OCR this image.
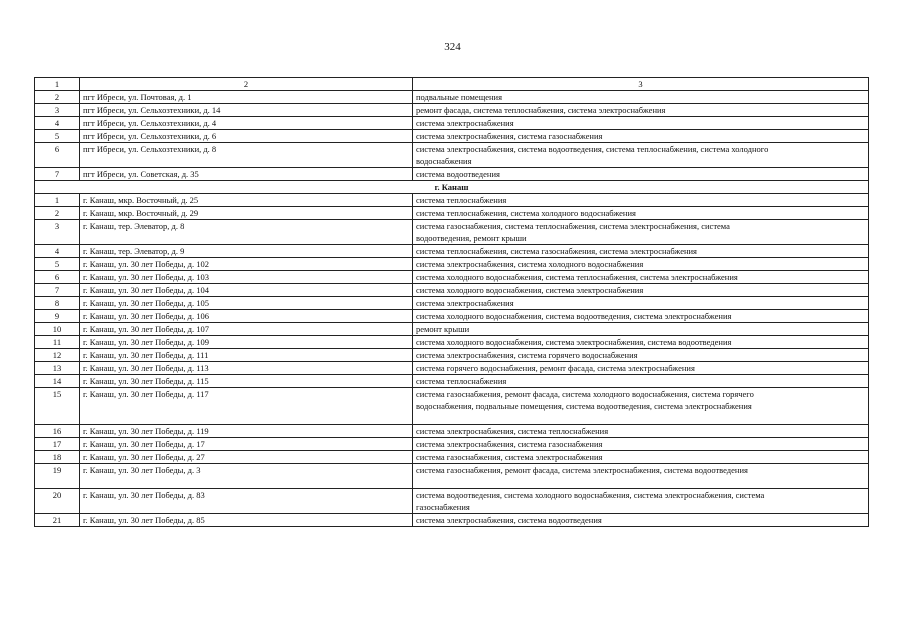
324
1	2	3
2	пгт Ибреси, ул. Почтовая, д. 1	подвальные помещения

3	пгт Ибреси, ул. Сельхозтехники, д. 14	ремонт фасада, система теплоснабжения, система электроснабжения

4	пгт Ибреси, ул. Сельхозтехники, д. 4	система электроснабжения

5	пгт Ибреси, ул. Сельхозтехники, д. 6	система электроснабжения, система газоснабжения

6	пгт Ибреси, ул. Сельхозтехники, д. 8	система электроснабжения, система водоотведения, система теплоснабжения, система холодного
водоснабжения

7	пгт Ибреси, ул. Советская, д. 35	система водоотведения

г. Канаш		
1	г. Канаш, мкр. Восточный, д. 25	система теплоснабжения

2	г. Канаш, мкр. Восточный, д. 29	система теплоснабжения, система холодного водоснабжения

3	г. Канаш, тер. Элеватор, д. 8	система газоснабжения, система теплоснабжения, система электроснабжения, система
водоотведения, ремонт крыши

4	г. Канаш, тер. Элеватор, д. 9	система теплоснабжения, система газоснабжения, система электроснабжения

5	г. Канаш, ул. 30 лет Победы, д. 102	система электроснабжения, система холодного водоснабжения

6	г. Канаш, ул. 30 лет Победы, д. 103	система холодного водоснабжения, система теплоснабжения, система электроснабжения

7	г. Канаш, ул. 30 лет Победы, д. 104	система холодного водоснабжения, система электроснабжения

8	г. Канаш, ул. 30 лет Победы, д. 105	система электроснабжения

9	г. Канаш, ул. 30 лет Победы, д. 106	система холодного водоснабжения, система водоотведения, система электроснабжения

10	г. Канаш, ул. 30 лет Победы, д. 107	ремонт крыши

11	г. Канаш, ул. 30 лет Победы, д. 109	система холодного водоснабжения, система электроснабжения, система водоотведения

12	г. Канаш, ул. 30 лет Победы, д. 111	система электроснабжения, система горячего водоснабжения

13	г. Канаш, ул. 30 лет Победы, д. 113	система горячего водоснабжения, ремонт фасада, система электроснабжения

14	г. Канаш, ул. 30 лет Победы, д. 115	система теплоснабжения

15	г. Канаш, ул. 30 лет Победы, д. 117	система газоснабжения, ремонт фасада, система холодного водоснабжения, система горячего
водоснабжения, подвальные помещения, система водоотведения, система электроснабжения

16	г. Канаш, ул. 30 лет Победы, д. 119	система электроснабжения, система теплоснабжения

17	г. Канаш, ул. 30 лет Победы, д. 17	система электроснабжения, система газоснабжения

18	г. Канаш, ул. 30 лет Победы, д. 27	система газоснабжения, система электроснабжения

19	г. Канаш, ул. 30 лет Победы, д. 3	система газоснабжения, ремонт фасада, система электроснабжения, система водоотведения

20	г. Канаш, ул. 30 лет Победы, д. 83	система водоотведения, система холодного водоснабжения, система электроснабжения, система
газоснабжения

21	г. Канаш, ул. 30 лет Победы, д. 85	система электроснабжения, система водоотведения
